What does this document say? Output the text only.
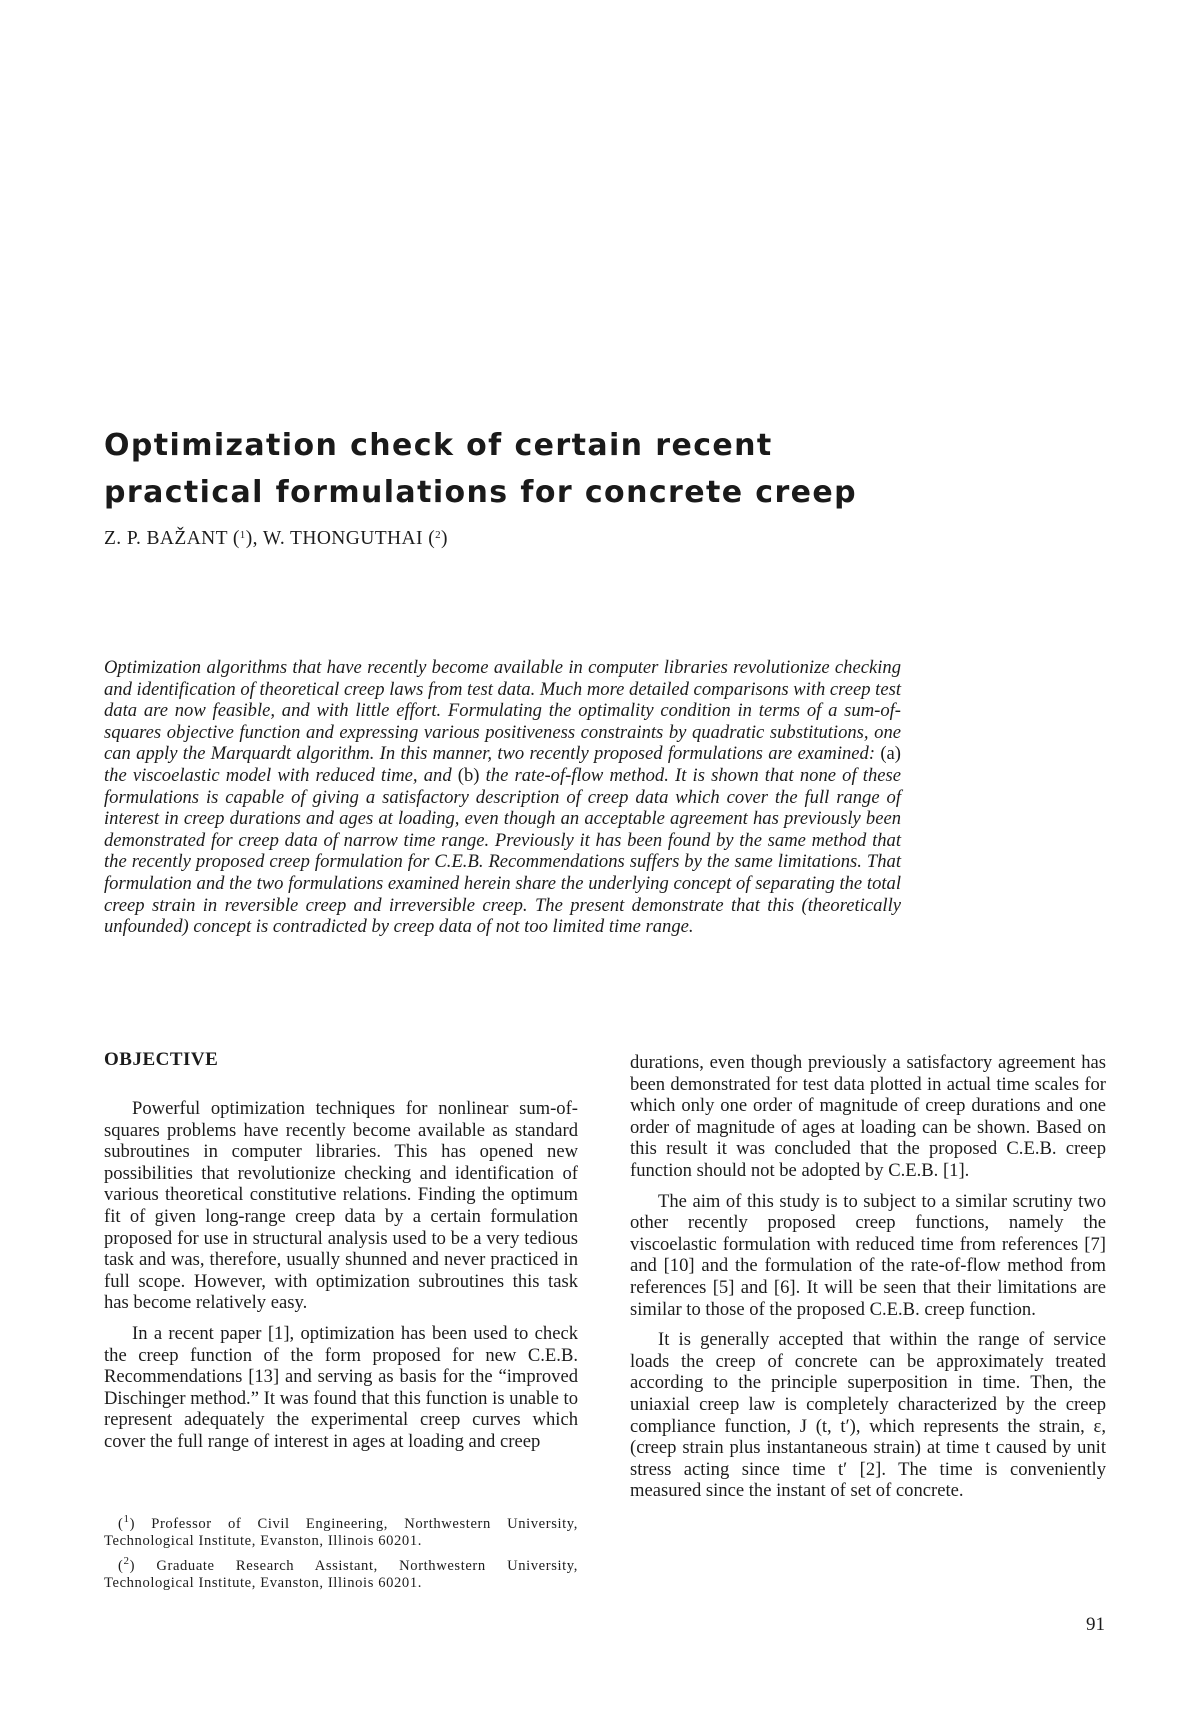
Optimization check of certain recent
practical formulations for concrete creep
Z. P. BAŽANT ($^1$), W. THONGUTHAI ($^2$)

Optimization algorithms that have recently become available in computer libraries revolutionize checking and identification of theoretical creep laws from test data. Much more detailed comparisons with creep test data are now feasible, and with little effort. Formulating the optimality condition in terms of a sum-of-squares objective function and expressing various positiveness constraints by quadratic substitutions, one can apply the Marquardt algorithm. In this manner, two recently proposed formulations are examined: (a) the viscoelastic model with reduced time, and (b) the rate-of-flow method. It is shown that none of these formulations is capable of giving a satisfactory description of creep data which cover the full range of interest in creep durations and ages at loading, even though an acceptable agreement has previously been demonstrated for creep data of narrow time range. Previously it has been found by the same method that the recently proposed creep formulation for C.E.B. Recommendations suffers by the same limitations. That formulation and the two formulations examined herein share the underlying concept of separating the total creep strain in reversible creep and irreversible creep. The present demonstrate that this (theoretically unfounded) concept is contradicted by creep data of not too limited time range.

OBJECTIVE

Powerful optimization techniques for nonlinear sum-of-squares problems have recently become available as standard subroutines in computer libraries. This has opened new possibilities that revolutionize checking and identification of various theoretical constitutive relations. Finding the optimum fit of given long-range creep data by a certain formulation proposed for use in structural analysis used to be a very tedious task and was, therefore, usually shunned and never practiced in full scope. However, with optimization subroutines this task has become relatively easy.

In a recent paper [1], optimization has been used to check the creep function of the form proposed for new C.E.B. Recommendations [13] and serving as basis for the “improved Dischinger method.” It was found that this function is unable to represent adequately the experimental creep curves which cover the full range of interest in ages at loading and creep

durations, even though previously a satisfactory agreement has been demonstrated for test data plotted in actual time scales for which only one order of magnitude of creep durations and one order of magnitude of ages at loading can be shown. Based on this result it was concluded that the proposed C.E.B. creep function should not be adopted by C.E.B. [1].

The aim of this study is to subject to a similar scrutiny two other recently proposed creep functions, namely the viscoelastic formulation with reduced time from references [7] and [10] and the formulation of the rate-of-flow method from references [5] and [6]. It will be seen that their limitations are similar to those of the proposed C.E.B. creep function.

It is generally accepted that within the range of service loads the creep of concrete can be approximately treated according to the principle superposition in time. Then, the uniaxial creep law is completely characterized by the creep compliance function, J (t, t′), which represents the strain, ε, (creep strain plus instantaneous strain) at time t caused by unit stress acting since time t′ [2]. The time is conveniently measured since the instant of set of concrete.

($^1$) Professor of Civil Engineering, Northwestern University, Technological Institute, Evanston, Illinois 60201.

($^2$) Graduate Research Assistant, Northwestern University, Technological Institute, Evanston, Illinois 60201.

91
